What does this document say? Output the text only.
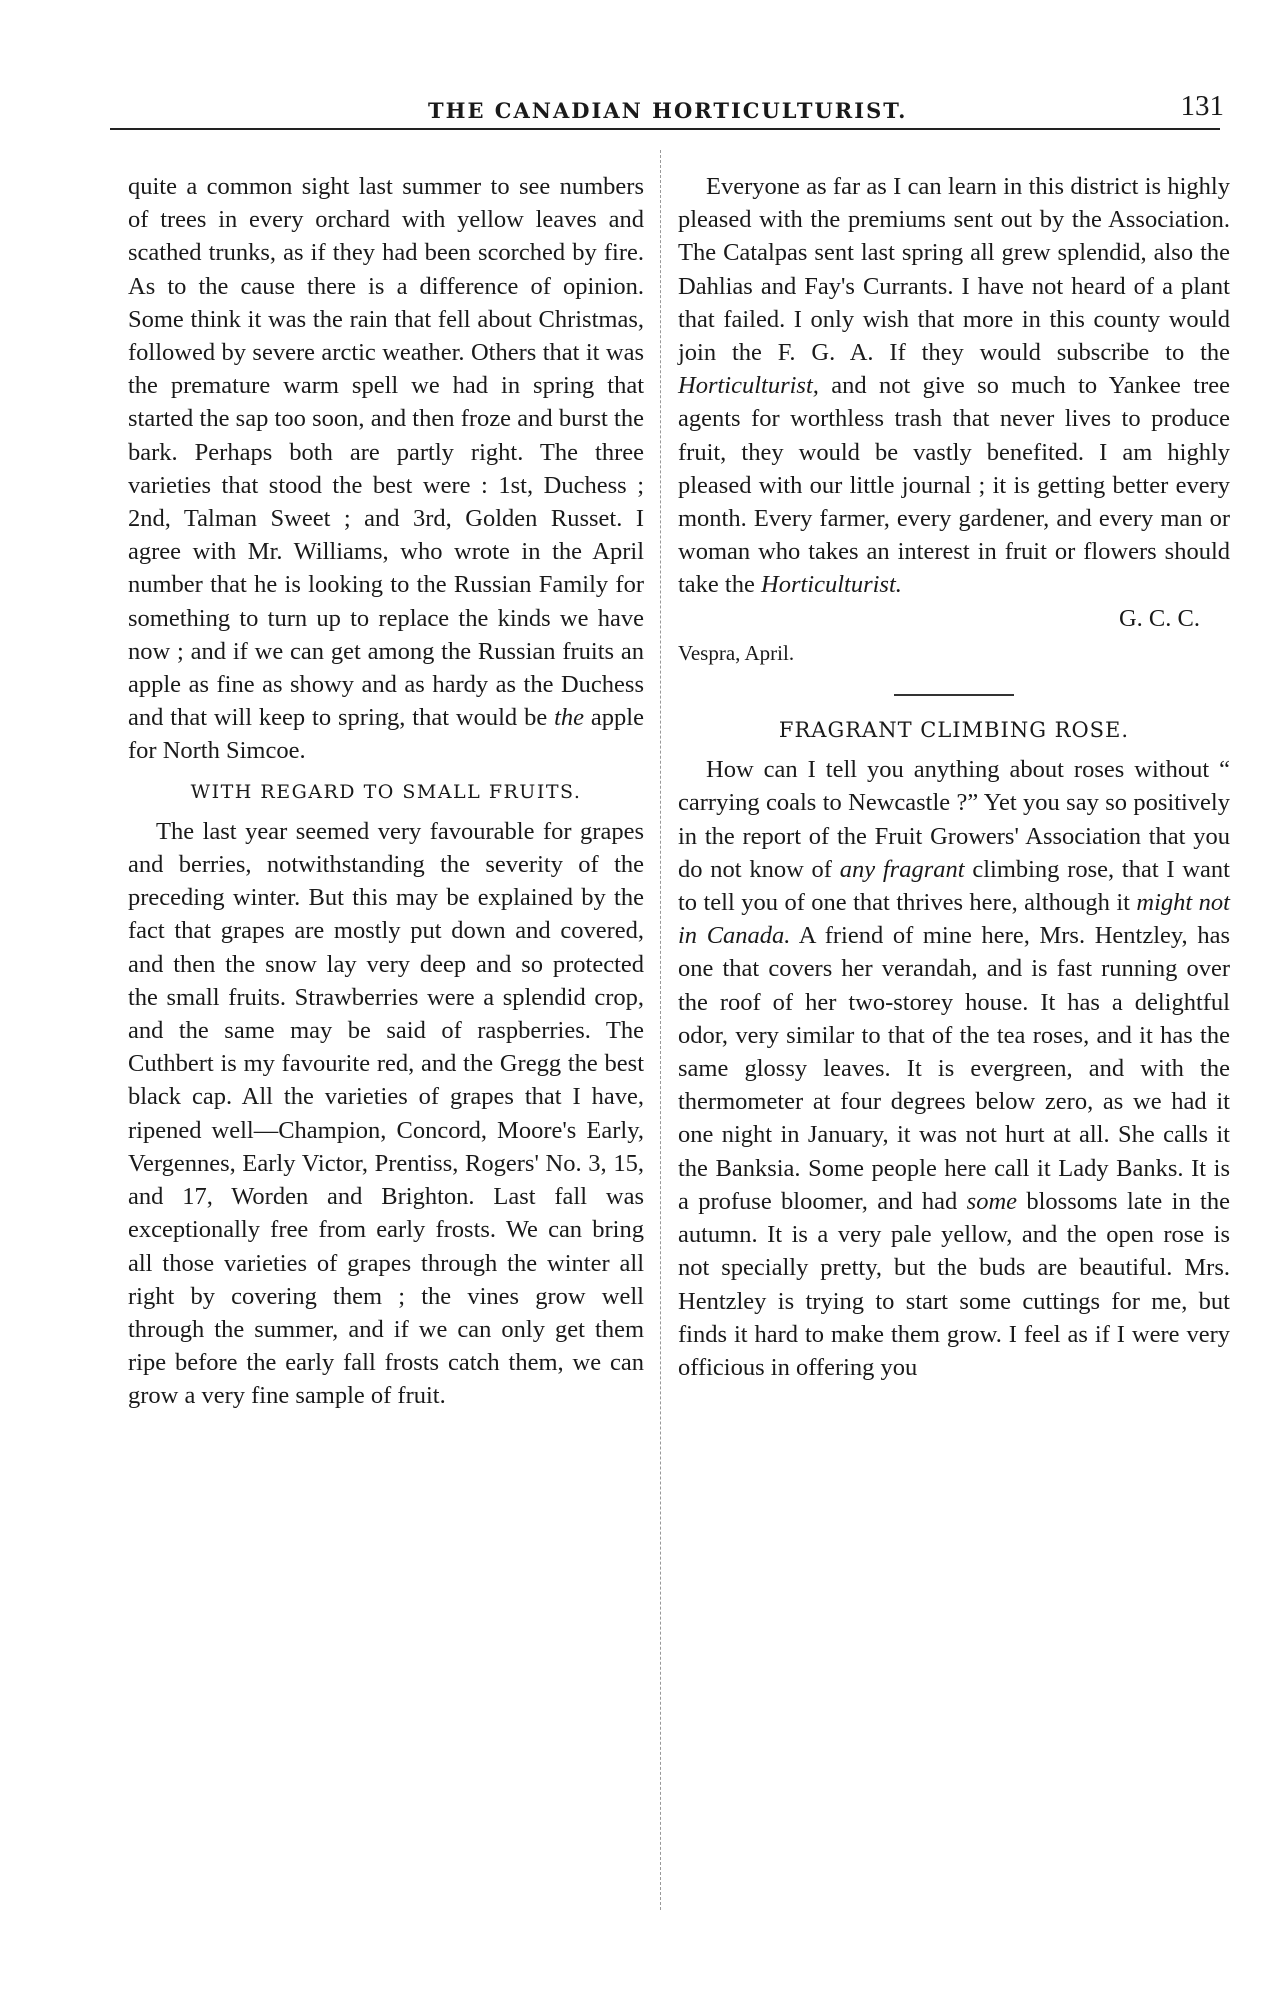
THE CANADIAN HORTICULTURIST.	131

quite a common sight last summer to see numbers of trees in every orchard with yellow leaves and scathed trunks, as if they had been scorched by fire. As to the cause there is a difference of opinion. Some think it was the rain that fell about Christmas, followed by severe arctic weather. Others that it was the premature warm spell we had in spring that started the sap too soon, and then froze and burst the bark. Perhaps both are partly right. The three varieties that stood the best were : 1st, Duchess ; 2nd, Talman Sweet ; and 3rd, Golden Russet. I agree with Mr. Williams, who wrote in the April number that he is looking to the Russian Family for something to turn up to replace the kinds we have now ; and if we can get among the Russian fruits an apple as fine as showy and as hardy as the Duchess and that will keep to spring, that would be the apple for North Simcoe.

WITH REGARD TO SMALL FRUITS.

The last year seemed very favourable for grapes and berries, notwithstanding the severity of the preceding winter. But this may be explained by the fact that grapes are mostly put down and covered, and then the snow lay very deep and so protected the small fruits. Strawberries were a splendid crop, and the same may be said of raspberries. The Cuthbert is my favourite red, and the Gregg the best black cap. All the varieties of grapes that I have, ripened well—Champion, Concord, Moore's Early, Vergennes, Early Victor, Prentiss, Rogers' No. 3, 15, and 17, Worden and Brighton. Last fall was exceptionally free from early frosts. We can bring all those varieties of grapes through the winter all right by covering them ; the vines grow well through the summer, and if we can only get them ripe before the early fall frosts catch them, we can grow a very fine sample of fruit.

Everyone as far as I can learn in this district is highly pleased with the premiums sent out by the Association. The Catalpas sent last spring all grew splendid, also the Dahlias and Fay's Currants. I have not heard of a plant that failed. I only wish that more in this county would join the F. G. A. If they would subscribe to the Horticulturist, and not give so much to Yankee tree agents for worthless trash that never lives to produce fruit, they would be vastly benefited. I am highly pleased with our little journal ; it is getting better every month. Every farmer, every gardener, and every man or woman who takes an interest in fruit or flowers should take the Horticulturist.

G. C. C.
Vespra, April.
FRAGRANT CLIMBING ROSE.

How can I tell you anything about roses without “ carrying coals to Newcastle ?” Yet you say so positively in the report of the Fruit Growers' Association that you do not know of any fragrant climbing rose, that I want to tell you of one that thrives here, although it might not in Canada. A friend of mine here, Mrs. Hentzley, has one that covers her verandah, and is fast running over the roof of her two-storey house. It has a delightful odor, very similar to that of the tea roses, and it has the same glossy leaves. It is evergreen, and with the thermometer at four degrees below zero, as we had it one night in January, it was not hurt at all. She calls it the Banksia. Some people here call it Lady Banks. It is a profuse bloomer, and had some blossoms late in the autumn. It is a very pale yellow, and the open rose is not specially pretty, but the buds are beautiful. Mrs. Hentzley is trying to start some cuttings for me, but finds it hard to make them grow. I feel as if I were very officious in offering you
